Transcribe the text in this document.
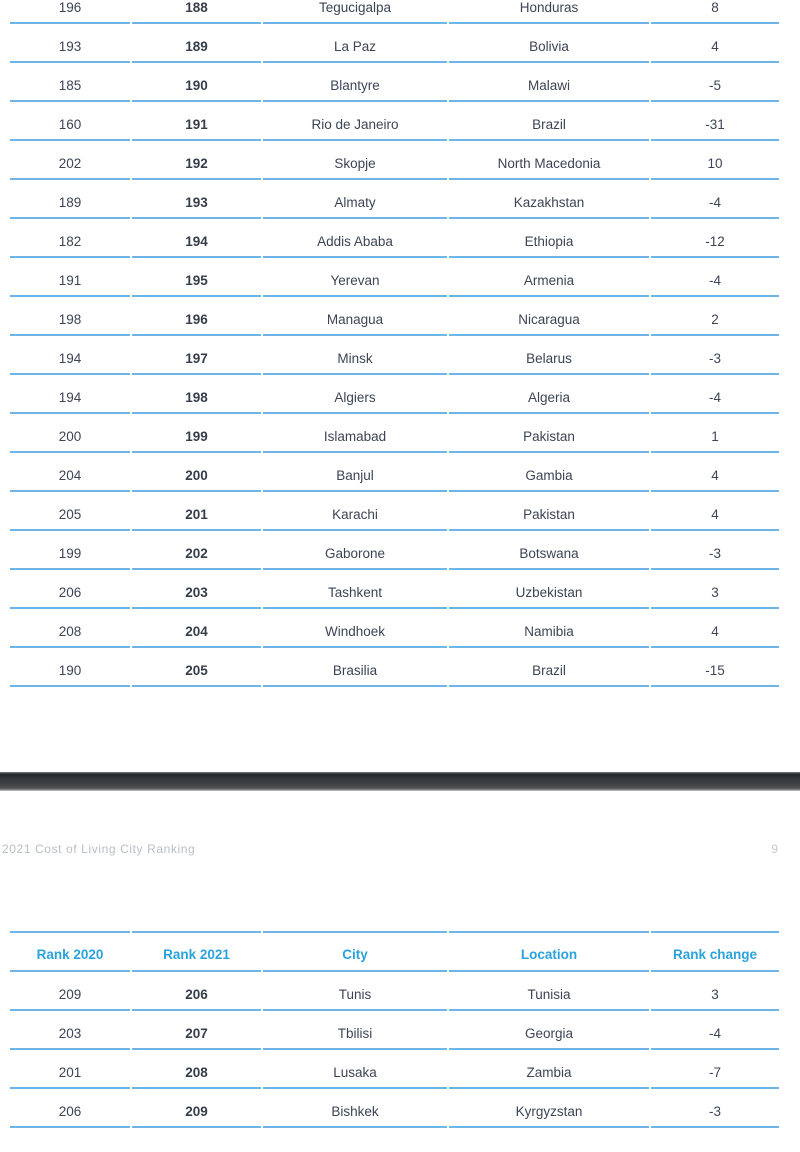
196	188	Tegucigalpa	Honduras	8
193	189	La Paz	Bolivia	4
185	190	Blantyre	Malawi	-5
160	191	Rio de Janeiro	Brazil	-31
202	192	Skopje	North Macedonia	10
189	193	Almaty	Kazakhstan	-4
182	194	Addis Ababa	Ethiopia	-12
191	195	Yerevan	Armenia	-4
198	196	Managua	Nicaragua	2
194	197	Minsk	Belarus	-3
194	198	Algiers	Algeria	-4
200	199	Islamabad	Pakistan	1
204	200	Banjul	Gambia	4
205	201	Karachi	Pakistan	4
199	202	Gaborone	Botswana	-3
206	203	Tashkent	Uzbekistan	3
208	204	Windhoek	Namibia	4
190	205	Brasilia	Brazil	-15
2021 Cost of Living City Ranking	9
Rank 2020	Rank 2021	City	Location	Rank change
209	206	Tunis	Tunisia	3
203	207	Tbilisi	Georgia	-4
201	208	Lusaka	Zambia	-7
206	209	Bishkek	Kyrgyzstan	-3
